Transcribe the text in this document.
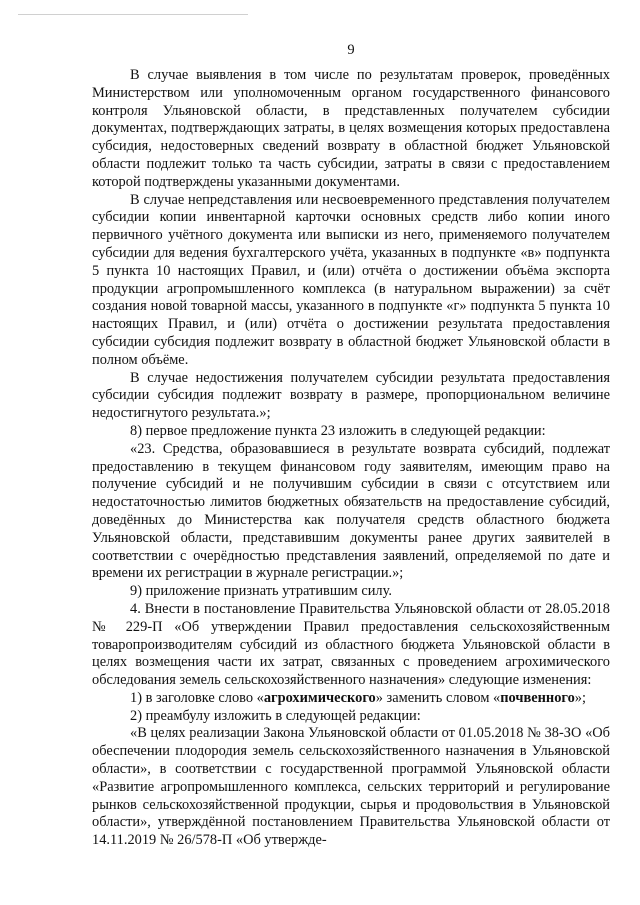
9

В случае выявления в том числе по результатам проверок, проведённых Министерством или уполномоченным органом государственного финансового контроля Ульяновской области, в представленных получателем субсидии документах, подтверждающих затраты, в целях возмещения которых предоставлена субсидия, недостоверных сведений возврату в областной бюджет Ульяновской области подлежит только та часть субсидии, затраты в связи с предоставлением которой подтверждены указанными документами.

В случае непредставления или несвоевременного представления получателем субсидии копии инвентарной карточки основных средств либо копии иного первичного учётного документа или выписки из него, применяемого получателем субсидии для ведения бухгалтерского учёта, указанных в подпункте «в» подпункта 5 пункта 10 настоящих Правил, и (или) отчёта о достижении объёма экспорта продукции агропромышленного комплекса (в натуральном выражении) за счёт создания новой товарной массы, указанного в подпункте «г» подпункта 5 пункта 10 настоящих Правил, и (или) отчёта о достижении результата предоставления субсидии субсидия подлежит возврату в областной бюджет Ульяновской области в полном объёме.

В случае недостижения получателем субсидии результата предоставления субсидии субсидия подлежит возврату в размере, пропорциональном величине недостигнутого результата.»;

8) первое предложение пункта 23 изложить в следующей редакции:

«23. Средства, образовавшиеся в результате возврата субсидий, подлежат предоставлению в текущем финансовом году заявителям, имеющим право на получение субсидий и не получившим субсидии в связи с отсутствием или недостаточностью лимитов бюджетных обязательств на предоставление субсидий, доведённых до Министерства как получателя средств областного бюджета Ульяновской области, представившим документы ранее других заявителей в соответствии с очерёдностью представления заявлений, определяемой по дате и времени их регистрации в журнале регистрации.»;

9) приложение признать утратившим силу.

4. Внести в постановление Правительства Ульяновской области от 28.05.2018 № 229-П «Об утверждении Правил предоставления сельскохозяйственным товаропроизводителям субсидий из областного бюджета Ульяновской области в целях возмещения части их затрат, связанных с проведением агрохимического обследования земель сельскохозяйственного назначения» следующие изменения:

1) в заголовке слово «агрохимического» заменить словом «почвенного»;

2) преамбулу изложить в следующей редакции:

«В целях реализации Закона Ульяновской области от 01.05.2018 № 38-ЗО «Об обеспечении плодородия земель сельскохозяйственного назначения в Ульяновской области», в соответствии с государственной программой Ульяновской области «Развитие агропромышленного комплекса, сельских территорий и регулирование рынков сельскохозяйственной продукции, сырья и продовольствия в Ульяновской области», утверждённой постановлением Правительства Ульяновской области от 14.11.2019 № 26/578-П «Об утвержде-
